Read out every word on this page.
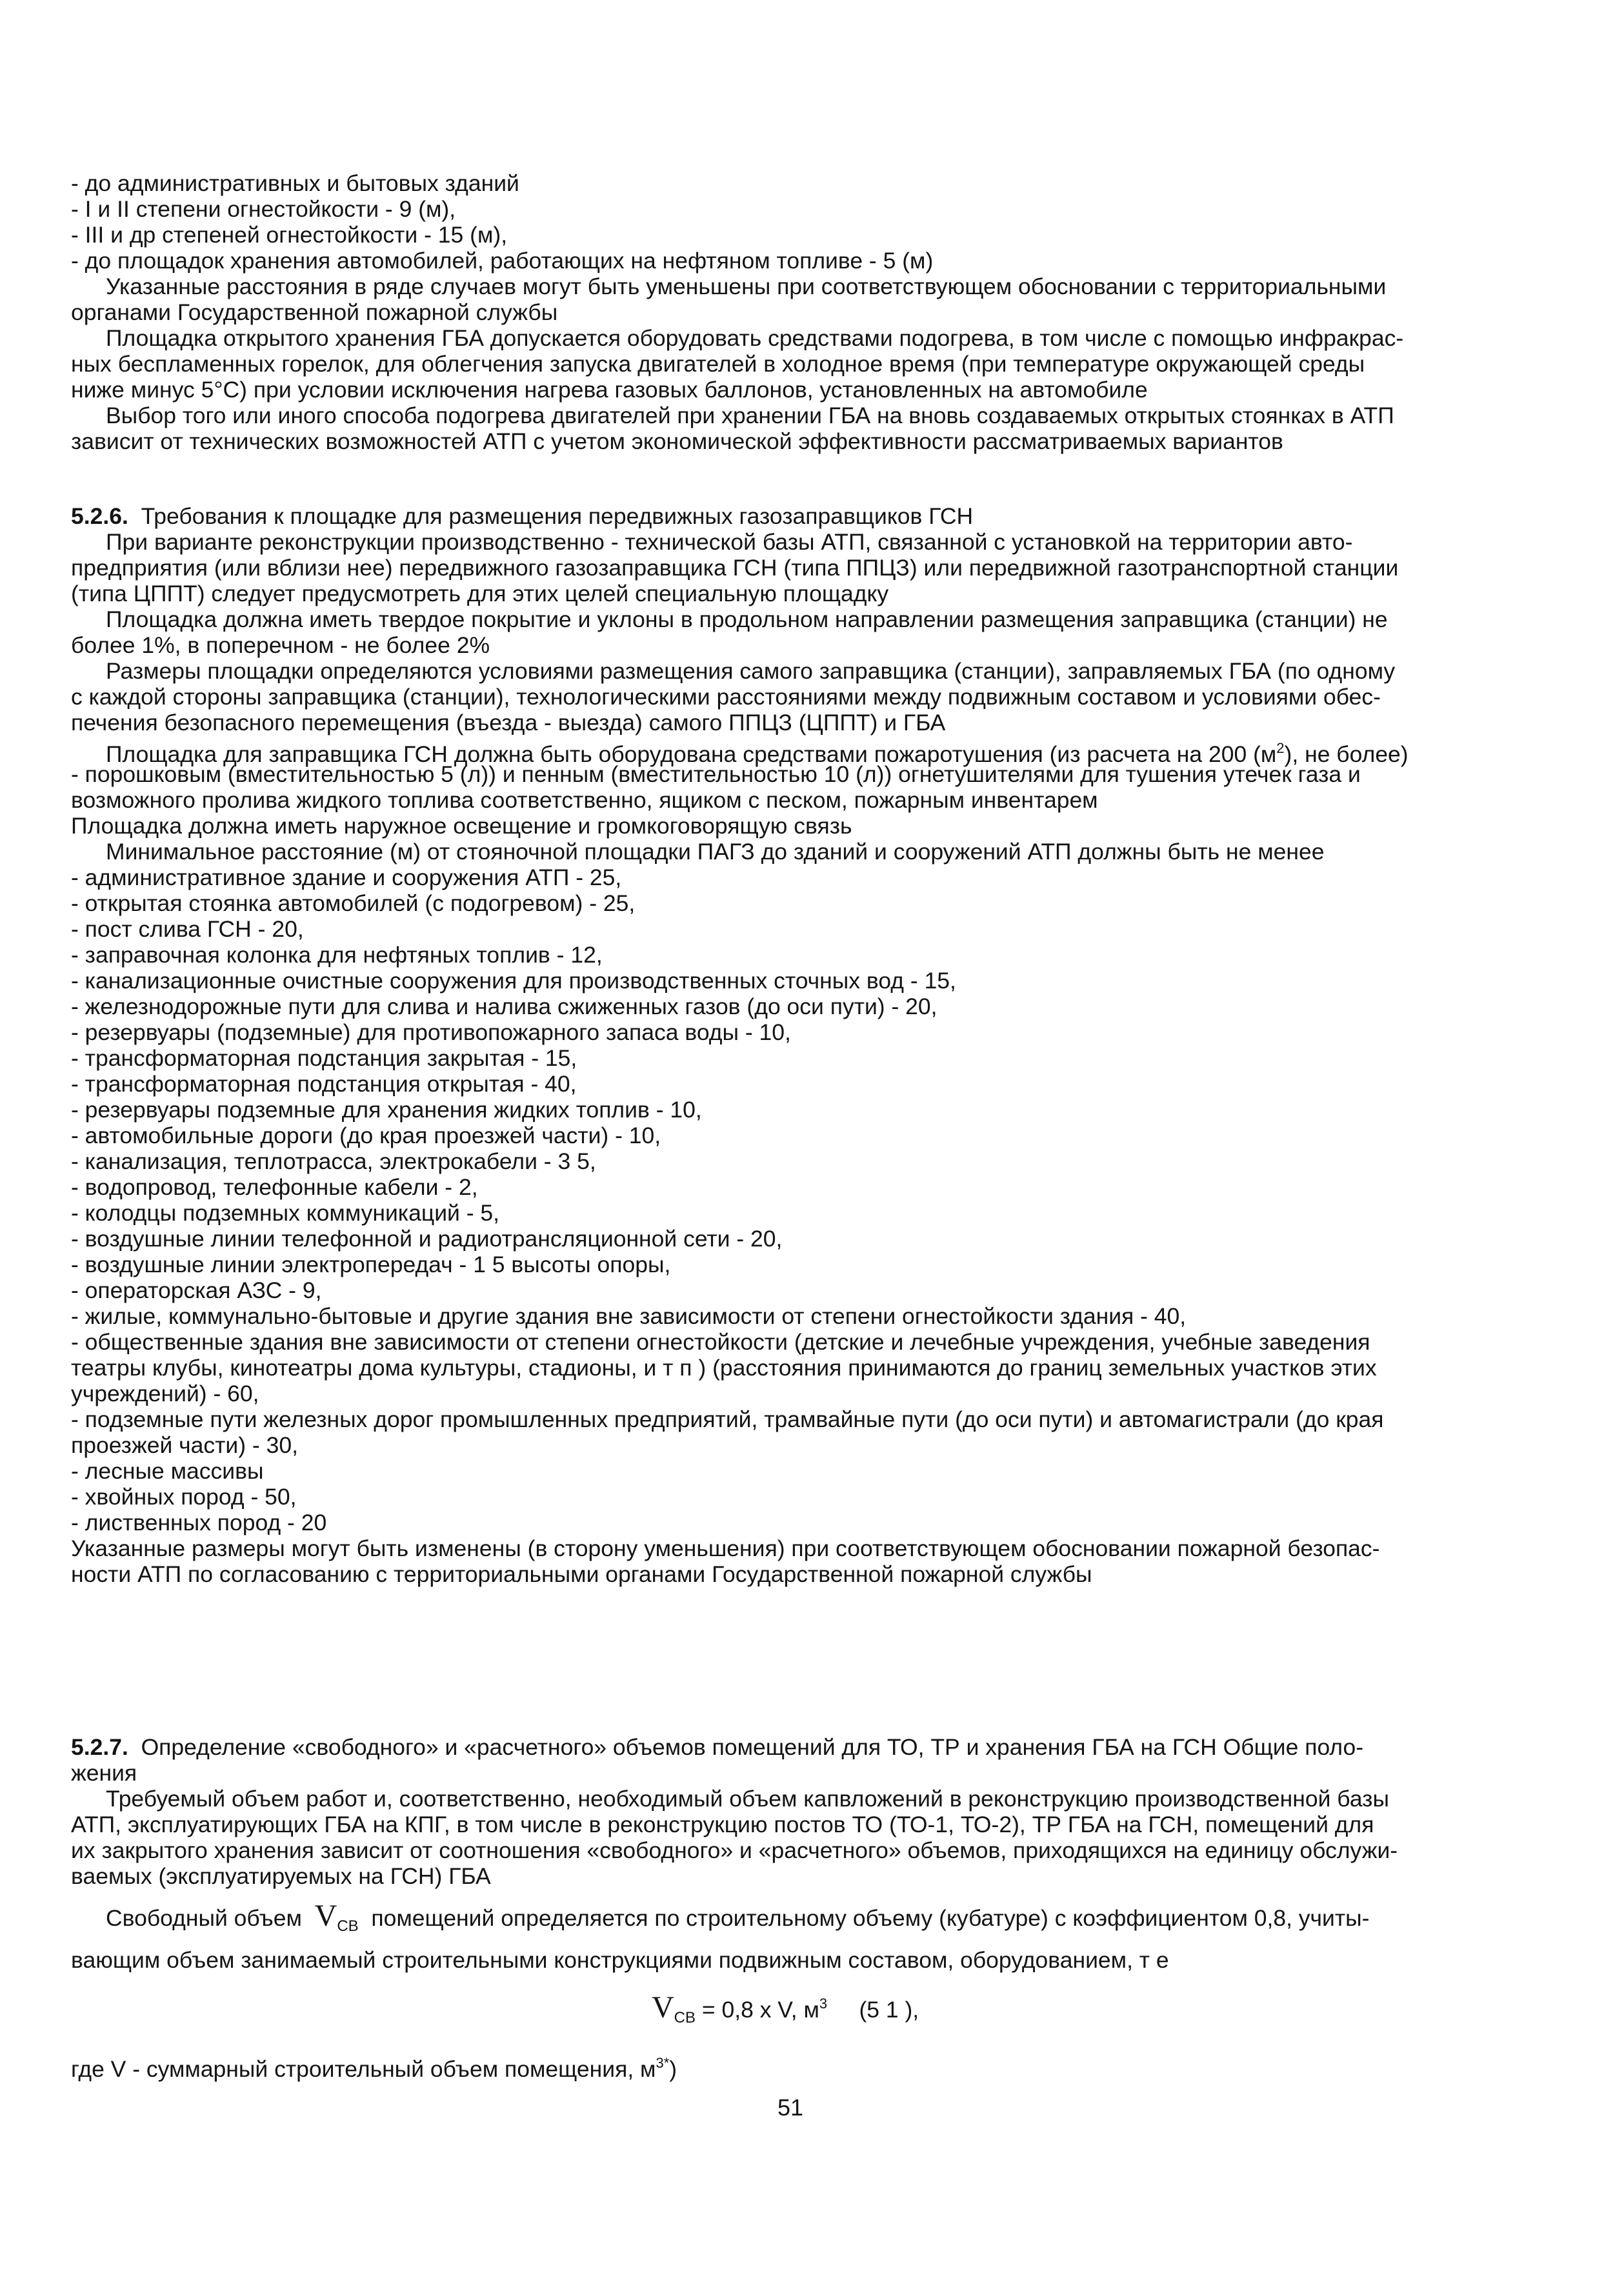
- до административных и бытовых зданий
- I и II степени огнестойкости - 9 (м),
- III и др степеней огнестойкости - 15 (м),
- до площадок хранения автомобилей, работающих на нефтяном топливе - 5 (м)
Указанные расстояния в ряде случаев могут быть уменьшены при соответствующем обосновании с территориальными
органами Государственной пожарной службы
Площадка открытого хранения ГБА допускается оборудовать средствами подогрева, в том числе с помощью инфракрас-
ных беспламенных горелок, для облегчения запуска двигателей в холодное время (при температуре окружающей среды
ниже минус 5°C) при условии исключения нагрева газовых баллонов, установленных на автомобиле
Выбор того или иного способа подогрева двигателей при хранении ГБА на вновь создаваемых открытых стоянках в АТП
зависит от технических возможностей АТП с учетом экономической эффективности рассматриваемых вариантов
5.2.6. Требования к площадке для размещения передвижных газозаправщиков ГСН
При варианте реконструкции производственно - технической базы АТП, связанной с установкой на территории авто-
предприятия (или вблизи нее) передвижного газозаправщика ГСН (типа ППЦЗ) или передвижной газотранспортной станции
(типа ЦППТ) следует предусмотреть для этих целей специальную площадку
Площадка должна иметь твердое покрытие и уклоны в продольном направлении размещения заправщика (станции) не
более 1%, в поперечном - не более 2%
Размеры площадки определяются условиями размещения самого заправщика (станции), заправляемых ГБА (по одному
с каждой стороны заправщика (станции), технологическими расстояниями между подвижным составом и условиями обес-
печения безопасного перемещения (въезда - выезда) самого ППЦЗ (ЦППТ) и ГБА
Площадка для заправщика ГСН должна быть оборудована средствами пожаротушения (из расчета на 200 $(м^2)$, не более)
- порошковым (вместительностью 5 (л)) и пенным (вместительностью 10 (л)) огнетушителями для тушения утечек газа и
возможного пролива жидкого топлива соответственно, ящиком с песком, пожарным инвентарем
Площадка должна иметь наружное освещение и громкоговорящую связь
Минимальное расстояние (м) от стояночной площадки ПАГЗ до зданий и сооружений АТП должны быть не менее
- административное здание и сооружения АТП - 25,
- открытая стоянка автомобилей (с подогревом) - 25,
- пост слива ГСН - 20,
- заправочная колонка для нефтяных топлив - 12,
- канализационные очистные сооружения для производственных сточных вод - 15,
- железнодорожные пути для слива и налива сжиженных газов (до оси пути) - 20,
- резервуары (подземные) для противопожарного запаса воды - 10,
- трансформаторная подстанция закрытая - 15,
- трансформаторная подстанция открытая - 40,
- резервуары подземные для хранения жидких топлив - 10,
- автомобильные дороги (до края проезжей части) - 10,
- канализация, теплотрасса, электрокабели - 3 5,
- водопровод, телефонные кабели - 2,
- колодцы подземных коммуникаций - 5,
- воздушные линии телефонной и радиотрансляционной сети - 20,
- воздушные линии электропередач - 1 5 высоты опоры,
- операторская АЗС - 9,
- жилые, коммунально-бытовые и другие здания вне зависимости от степени огнестойкости здания - 40,
- общественные здания вне зависимости от степени огнестойкости (детские и лечебные учреждения, учебные заведения
театры клубы, кинотеатры дома культуры, стадионы, и т п ) (расстояния принимаются до границ земельных участков этих
учреждений) - 60,
- подземные пути железных дорог промышленных предприятий, трамвайные пути (до оси пути) и автомагистрали (до края
проезжей части) - 30,
- лесные массивы
- хвойных пород - 50,
- лиственных пород - 20
Указанные размеры могут быть изменены (в сторону уменьшения) при соответствующем обосновании пожарной безопас-
ности АТП по согласованию с территориальными органами Государственной пожарной службы
5.2.7. Определение «свободного» и «расчетного» объемов помещений для ТО, ТР и хранения ГБА на ГСН Общие поло-
жения
Требуемый объем работ и, соответственно, необходимый объем капвложений в реконструкцию производственной базы
АТП, эксплуатирующих ГБА на КПГ, в том числе в реконструкцию постов ТО (ТО-1, ТО-2), ТР ГБА на ГСН, помещений для
их закрытого хранения зависит от соотношения «свободного» и «расчетного» объемов, приходящихся на единицу обслужи-
ваемых (эксплуатируемых на ГСН) ГБА
Свободный объем $V_{СВ}$ помещений определяется по строительному объему (кубатуре) с коэффициентом 0,8, учиты-
вающим объем занимаемый строительными конструкциями подвижным составом, оборудованием, т е
$V_{СВ} = 0,8$ x V, $м^3$ (5 1 ),
где V - суммарный строительный объем помещения, $м^{3*}$)
51
